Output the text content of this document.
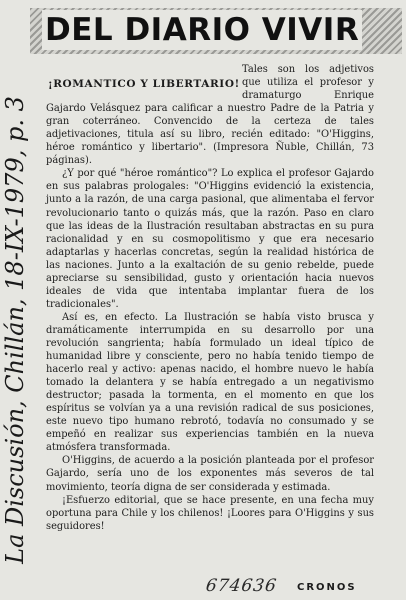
DEL DIARIO VIVIR
¡ROMANTICO Y LIBERTARIO!

Tales son los adjetivos que utiliza el profesor y dramaturgo Enrique Gajardo Velásquez para calificar a nuestro Padre de la Patria y gran coterráneo. Convencido de la certeza de tales adjetivaciones, titula así su libro, recién editado: "O'Higgins, héroe romántico y libertario". (Impresora Ñuble, Chillán, 73 páginas).

¿Y por qué "héroe romántico"? Lo explica el profesor Gajardo en sus palabras prologales: "O'Higgins evidenció la existencia, junto a la razón, de una carga pasional, que alimentaba el fervor revolucionario tanto o quizás más, que la razón. Paso en claro que las ideas de la Ilustración resultaban abstractas en su pura racionalidad y en su cosmopolitismo y que era necesario adaptarlas y hacerlas concretas, según la realidad histórica de las naciones. Junto a la exaltación de su genio rebelde, puede apreciarse su sensibilidad, gusto y orientación hacia nuevos ideales de vida que intentaba implantar fuera de los tradicionales".

Así es, en efecto. La Ilustración se había visto brusca y dramáticamente interrumpida en su desarrollo por una revolución sangrienta; había formulado un ideal típico de humanidad libre y consciente, pero no había tenido tiempo de hacerlo real y activo: apenas nacido, el hombre nuevo le había tomado la delantera y se había entregado a un negativismo destructor; pasada la tormenta, en el momento en que los espíritus se volvían ya a una revisión radical de sus posiciones, este nuevo tipo humano rebrotó, todavía no consumado y se empeñó en realizar sus experiencias también en la nueva atmósfera transformada.

O'Higgins, de acuerdo a la posición planteada por el profesor Gajardo, sería uno de los exponentes más severos de tal movimiento, teoría digna de ser considerada y estimada.

¡Esfuerzo editorial, que se hace presente, en una fecha muy oportuna para Chile y los chilenos! ¡Loores para O'Higgins y sus seguidores!

CRONOS
La Discusión, Chillán, 18-IX-1979, p. 3
674636
